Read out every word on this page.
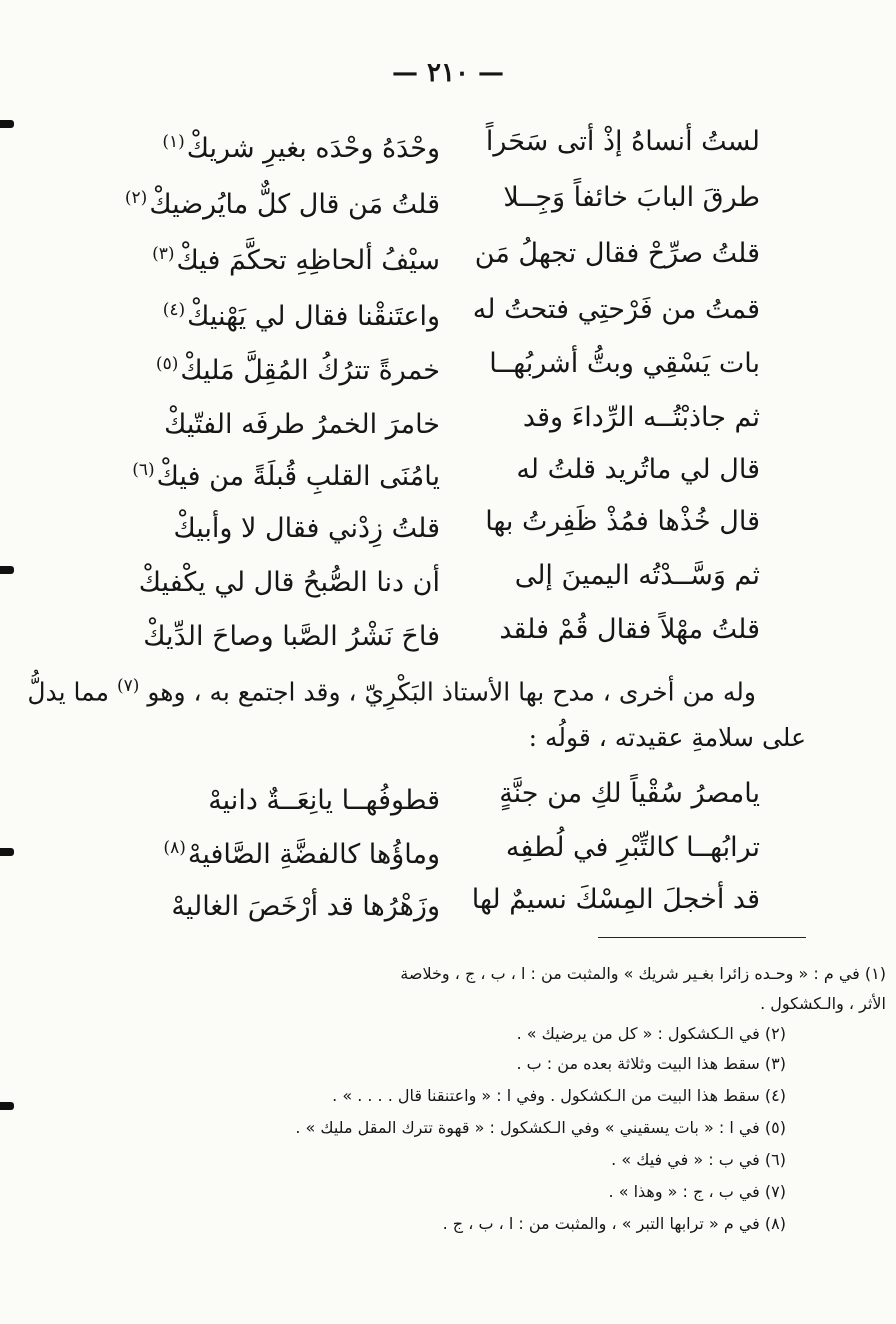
— ٢١٠ —
لستُ أنساهُ إذْ أتى سَحَراً
وحْدَهُ وحْدَه بغيرِ شريكْ$^{(١)}$
طرقَ البابَ خائفاً وَجِــلا
قلتُ مَن قال كلٌّ مايُرضيكْ$^{(٢)}$
قلتُ صرِّحْ فقال تجهلُ مَن
سيْفُ ألحاظِهِ تحكَّمَ فيكْ$^{(٣)}$
قمتُ من فَرْحتِي فتحتُ له
واعتَنقْنا فقال لي يَهْنيكْ$^{(٤)}$
بات يَسْقِي وبتُّ أشربُهــا
خمرةً تترُكُ المُقِلَّ مَليكْ$^{(٥)}$
ثم جاذبْتُــه الرِّداءَ وقد
خامرَ الخمرُ طرفَه الفتّيكْ
قال لي ماتُريد قلتُ له
يامُنَى القلبِ قُبلَةً من فيكْ$^{(٦)}$
قال خُذْها فمُذْ ظَفِرتُ بها
قلتُ زِدْني فقال لا وأبيكْ
ثم وَسَّــدْتُه اليمينَ إلى
أن دنا الصُّبحُ قال لي يكْفيكْ
قلتُ مهْلاً فقال قُمْ فلقد
فاحَ نَشْرُ الصَّبا وصاحَ الدِّيكْ
وله من أخرى ، مدح بها الأستاذ البَكْرِيّ ، وقد اجتمع به ، وهو $^{(٧)}$ مما يدلُّ
على سلامةِ عقيدته ، قولُه :
يامصرُ سُقْياً لكِ من جنَّةٍ
قطوفُهــا يانِعَــةٌ دانيهْ
ترابُهــا كالتِّبْرِ في لُطفِه
وماؤُها كالفضَّةِ الصَّافيهْ$^{(٨)}$
قد أخجلَ المِسْكَ نسيمٌ لها
وزَهْرُها قد أرْخَصَ الغاليهْ
(١) في م : « وحـده زائرا بغـير شريك » والمثبت من : ا ، ب ، ج ، وخلاصة
الأثر ، والـكشكول .
(٢) في الـكشكول : « كل من يرضيك » .
(٣) سقط هذا البيت وثلاثة بعده من : ب .
(٤) سقط هذا البيت من الـكشكول . وفي ا : « واعتنقنا قال . . . . » .
(٥) في ا : « بات يسقيني » وفي الـكشكول : « قهوة تترك المقل مليك » .
(٦) في ب : « في فيك » .
(٧) في ب ، ج : « وهذا » .
(٨) في م « ترابها التبر » ، والمثبت من : ا ، ب ، ج .
